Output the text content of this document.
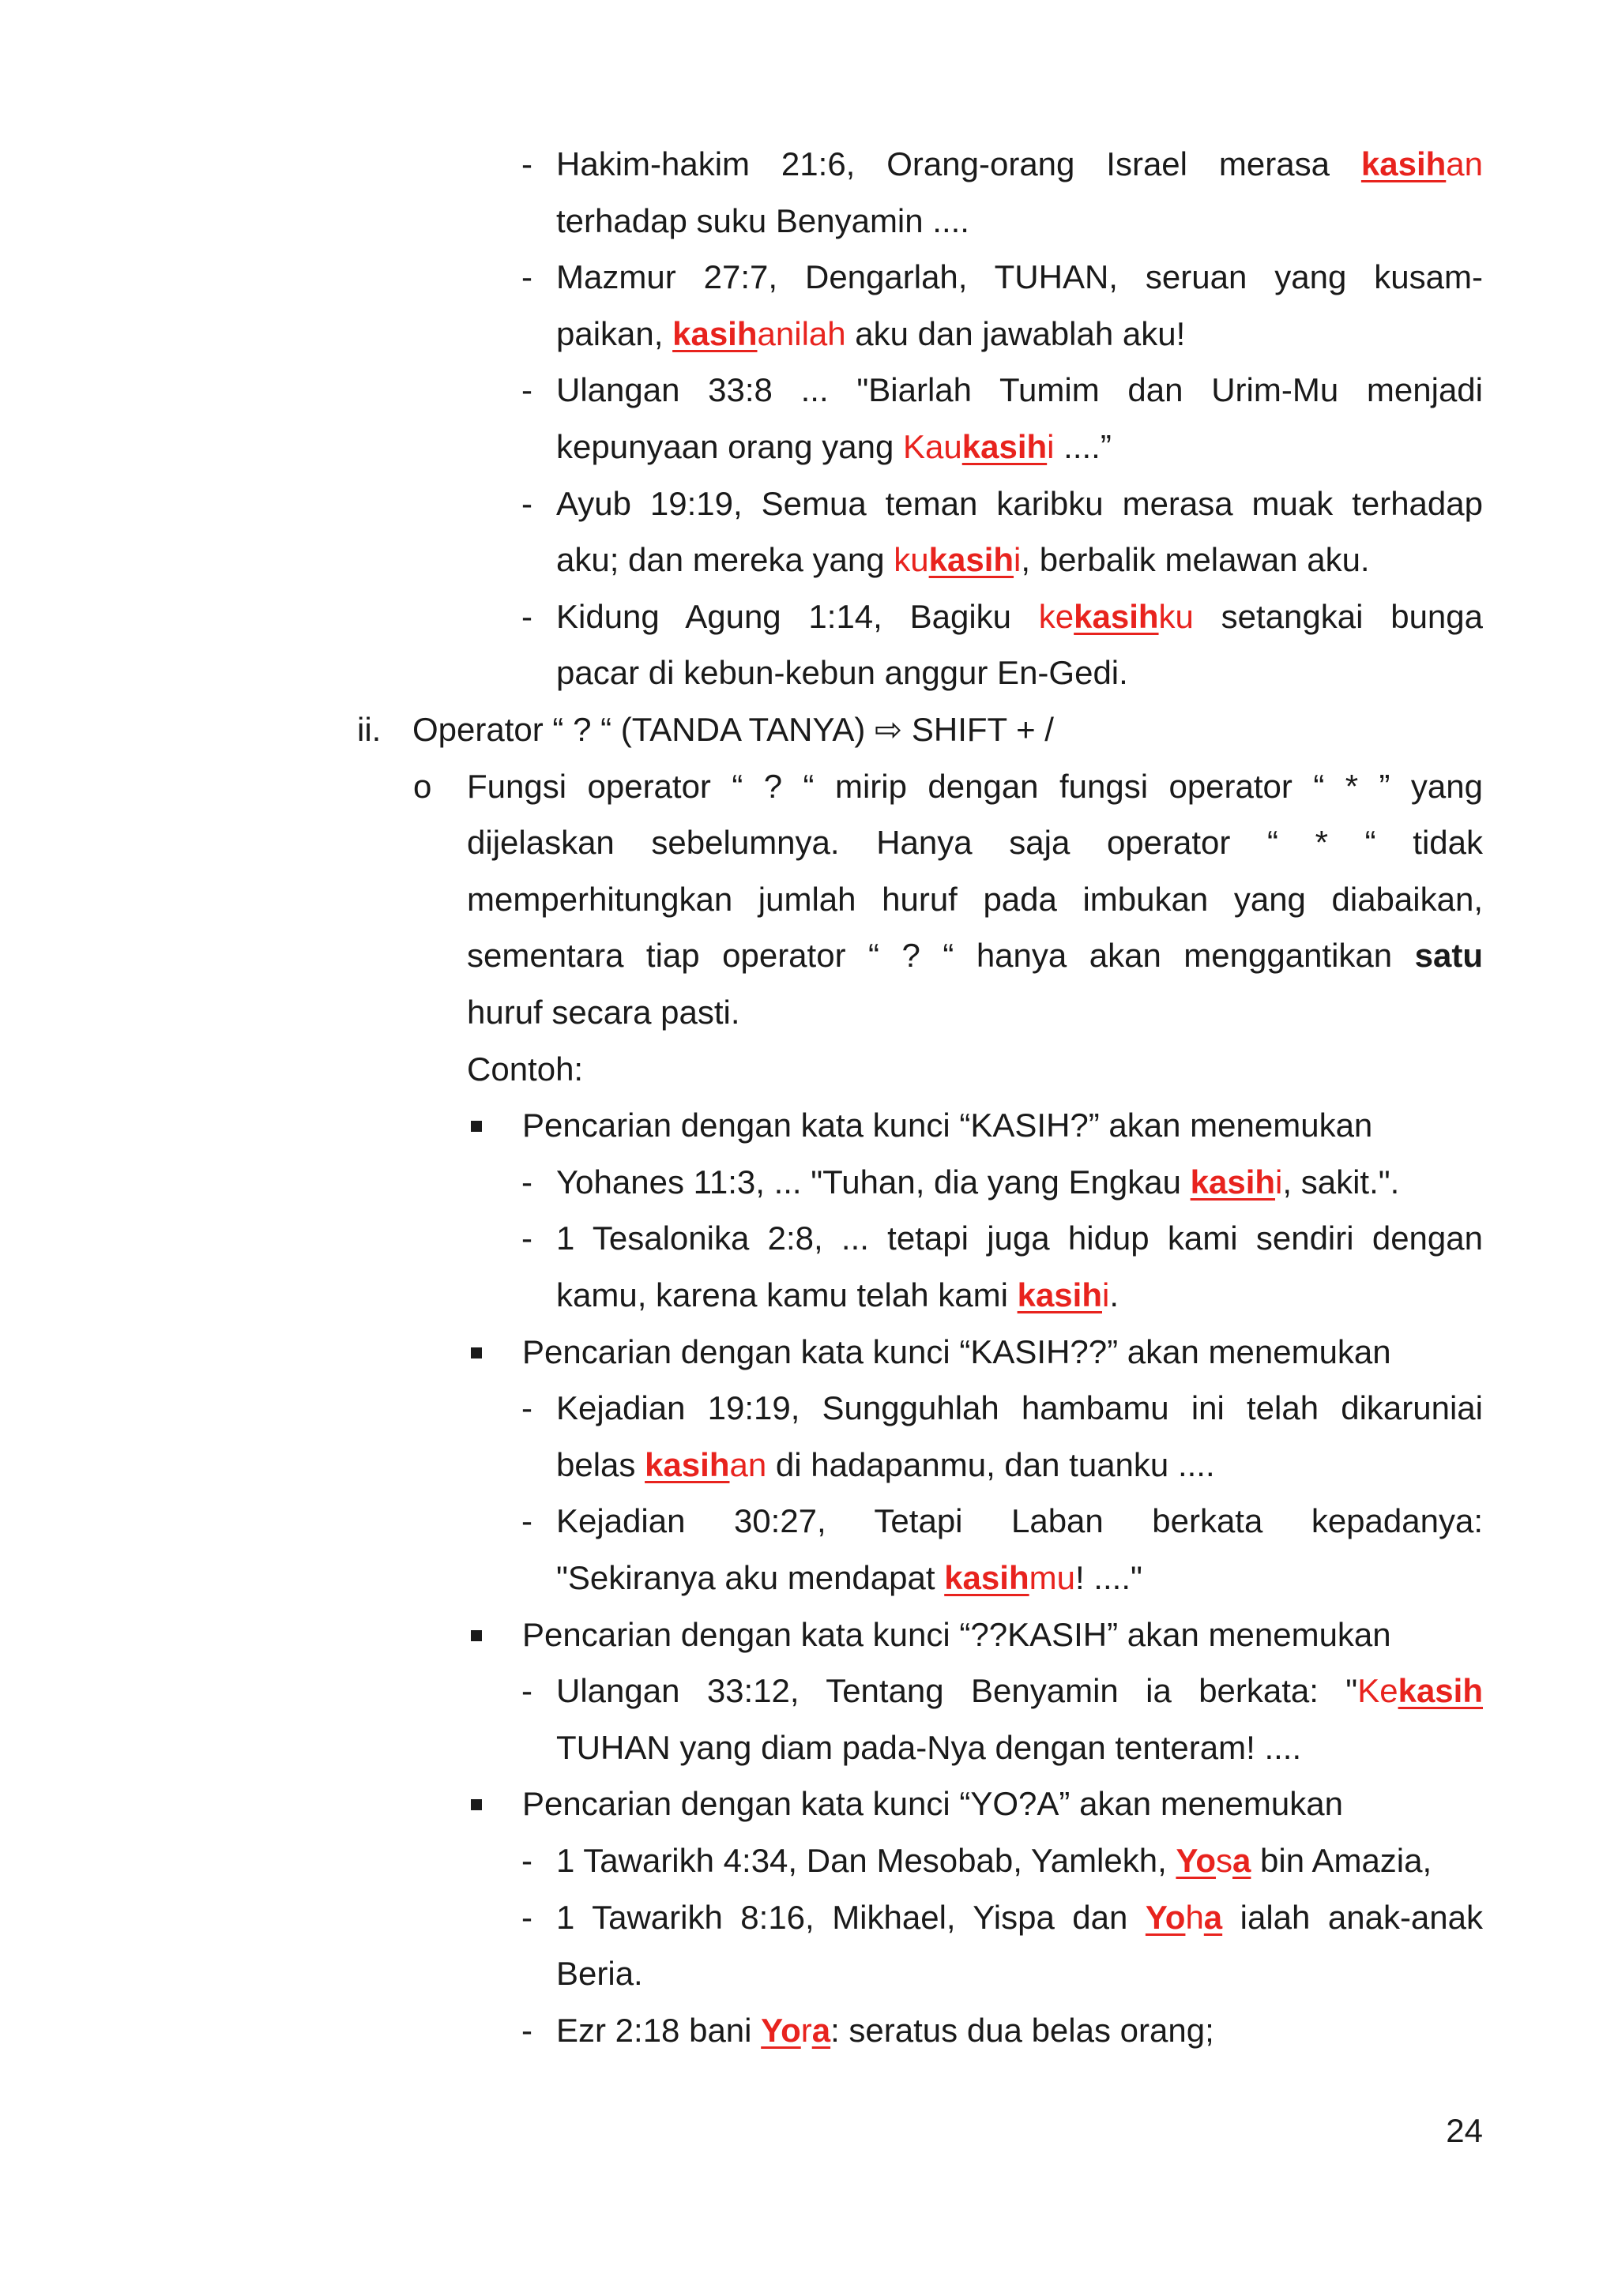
- Hakim-hakim 21:6, Orang-orang Israel merasa kasihan
terhadap suku Benyamin ....
- Mazmur 27:7, Dengarlah, TUHAN, seruan yang kusam-
paikan, kasihanilah aku dan jawablah aku!
- Ulangan 33:8 ... "Biarlah Tumim dan Urim-Mu menjadi
kepunyaan orang yang Kaukasihi ....”
- Ayub 19:19, Semua teman karibku merasa muak terhadap
aku; dan mereka yang kukasihi, berbalik melawan aku.
- Kidung Agung 1:14, Bagiku kekasihku setangkai bunga
pacar di kebun-kebun anggur En-Gedi.
ii. Operator “ ? “ (TANDA TANYA) ⇨ SHIFT + /
o Fungsi operator “ ? “ mirip dengan fungsi operator “ * ” yang
dijelaskan sebelumnya. Hanya saja operator “ * “ tidak
memperhitungkan jumlah huruf pada imbukan yang diabaikan,
sementara tiap operator “ ? “ hanya akan menggantikan satu
huruf secara pasti.
Contoh:
Pencarian dengan kata kunci “KASIH?” akan menemukan
- Yohanes 11:3, ... "Tuhan, dia yang Engkau kasihi, sakit.".
- 1 Tesalonika 2:8, ... tetapi juga hidup kami sendiri dengan
kamu, karena kamu telah kami kasihi.
Pencarian dengan kata kunci “KASIH??” akan menemukan
- Kejadian 19:19, Sungguhlah hambamu ini telah dikaruniai
belas kasihan di hadapanmu, dan tuanku ....
- Kejadian 30:27, Tetapi Laban berkata kepadanya:
"Sekiranya aku mendapat kasihmu! ...."
Pencarian dengan kata kunci “??KASIH” akan menemukan
- Ulangan 33:12, Tentang Benyamin ia berkata: "Kekasih
TUHAN yang diam pada-Nya dengan tenteram! ....
Pencarian dengan kata kunci “YO?A” akan menemukan
- 1 Tawarikh 4:34, Dan Mesobab, Yamlekh, Yosa bin Amazia,
- 1 Tawarikh 8:16, Mikhael, Yispa dan Yoha ialah anak-anak
Beria.
- Ezr 2:18 bani Yora: seratus dua belas orang;
24
